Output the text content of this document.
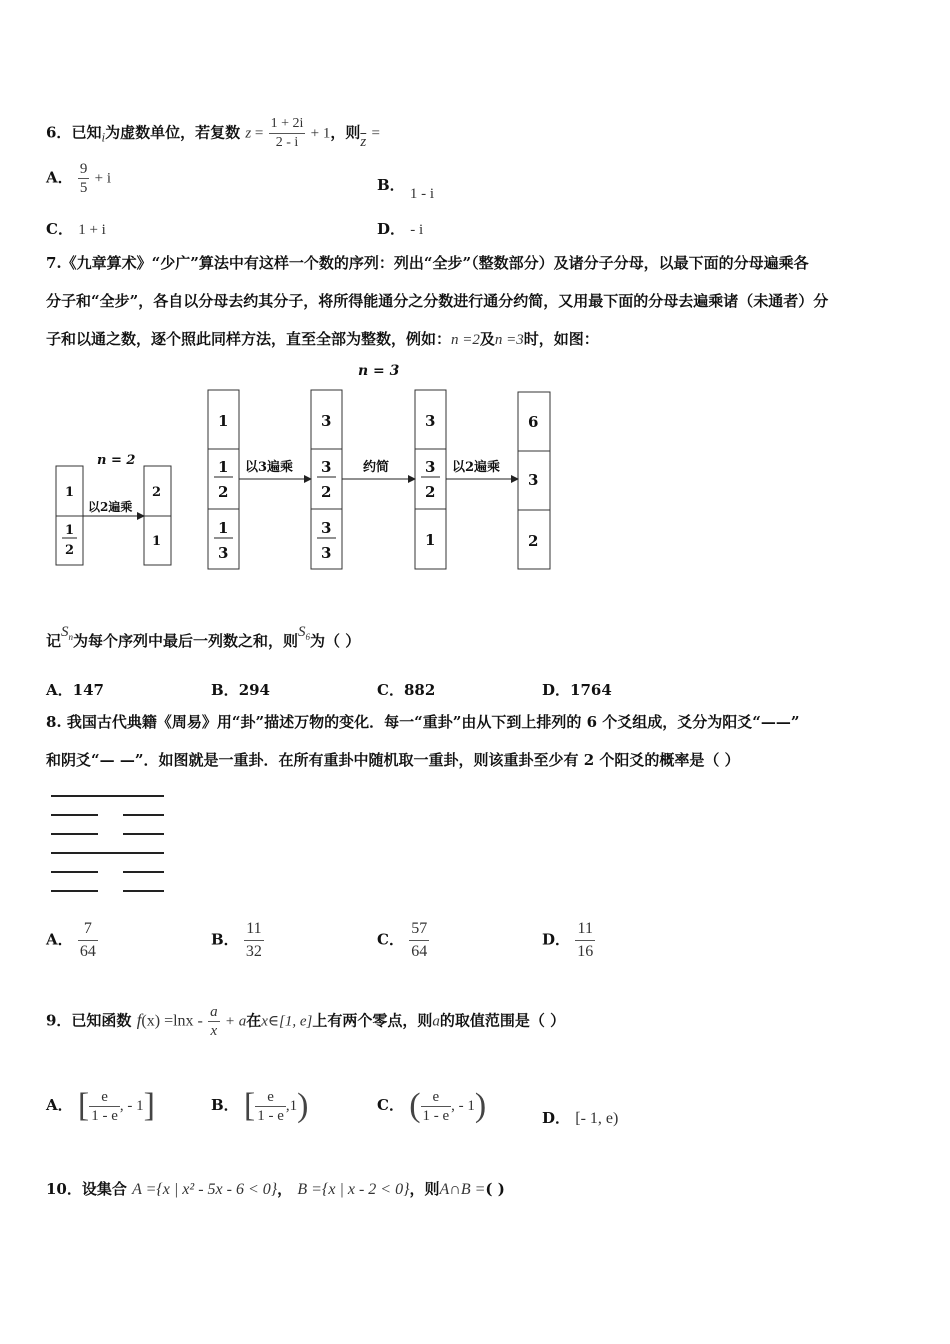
6．已知$_i$为虚数单位，若复数 $z = \frac{1 + 2i}{2 - i} + 1$，则$\overline{z}$ =
A． $\frac{9}{5} + i$	B． 1 - i
C． 1 + i	D． - i
7.《九章算术》“少广”算法中有这样一个数的序列：列出“全步”（整数部分）及诸分子分母，以最下面的分母遍乘各
分子和“全步”，各自以分母去约其分子，将所得能通分之分数进行通分约简，又用最下面的分母去遍乘诸（未通者）分
子和以通之数，逐个照此同样方法，直至全部为整数，例如：n =2及n =3时，如图：
n = 2
1
1
2
以2遍乘
2
1
n = 3
1
1
2
1
3
以3遍乘
3
3
2
3
3
约简
3
3
2
1
以2遍乘
6
3
2
记$S_n$为每个序列中最后一列数之和，则$S_6$为（ ）
A．147	B．294	C．882	D．1764
8. 我国古代典籍《周易》用“卦”描述万物的变化．每一“重卦”由从下到上排列的 6 个爻组成，爻分为阳爻“——”
和阴爻“— —”．如图就是一重卦．在所有重卦中随机取一重卦，则该重卦至少有 2 个阳爻的概率是（ ）
A． $\frac{7}{64}$	B． $\frac{11}{32}$	C． $\frac{57}{64}$	D． $\frac{11}{16}$
9．已知函数 $f(x) =\ln x - \frac{a}{x} + a$在x∈[1, e]上有两个零点，则a的取值范围是（ ）
A． [ $\frac{e}{1 - e}$ , - 1]	B． [ $\frac{e}{1 - e} ,1$)	C． ( $\frac{e}{1 - e}$ , - 1)	D． [- 1, e)
10．设集合 A ={x | x² - 5x - 6 < 0}， B ={x | x - 2 < 0}，则A∩B =( )
